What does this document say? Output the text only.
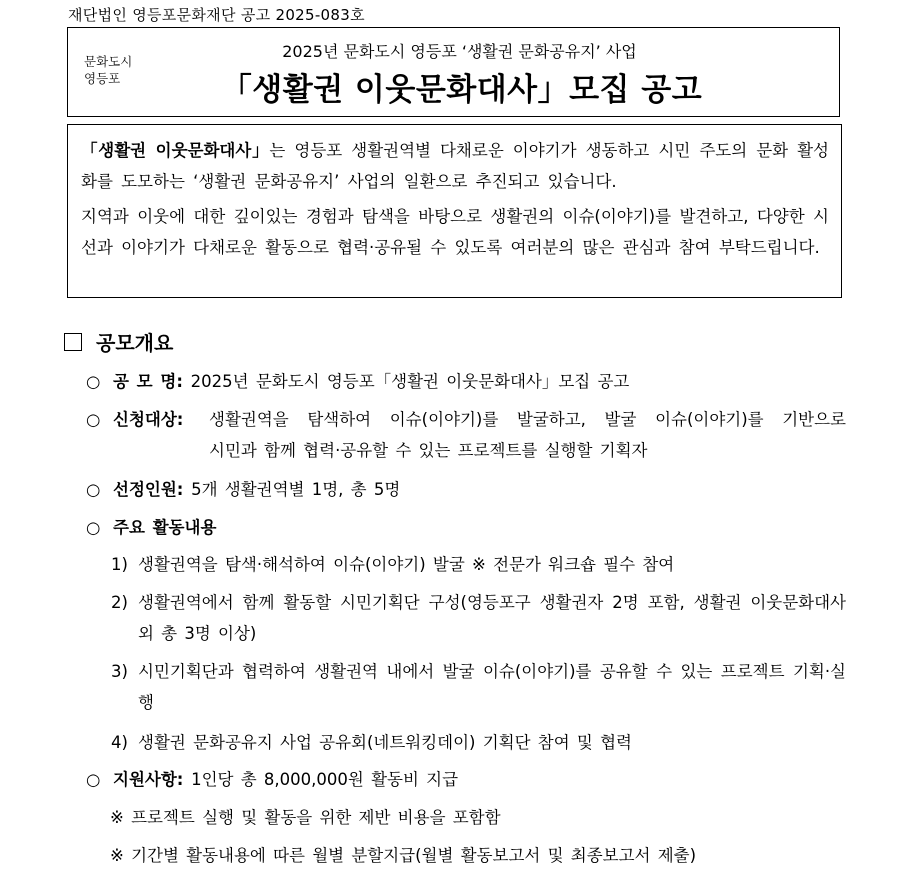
재단법인 영등포문화재단 공고 2025-083호
문화도시
영등포
2025년 문화도시 영등포 ‘생활권 문화공유지’ 사업
「생활권 이웃문화대사」모집 공고

「생활권 이웃문화대사」는 영등포 생활권역별 다채로운 이야기가 생동하고 시민 주도의 문화 활성화를 도모하는 ‘생활권 문화공유지’ 사업의 일환으로 추진되고 있습니다.

지역과 이웃에 대한 깊이있는 경험과 탐색을 바탕으로 생활권의 이슈(이야기)를 발견하고, 다양한 시선과 이야기가 다채로운 활동으로 협력·공유될 수 있도록 여러분의 많은 관심과 참여 부탁드립니다.

공모개요
○ 공 모 명: 2025년 문화도시 영등포「생활권 이웃문화대사」모집 공고
○ 신청대상:	생활권역을 탐색하여 이슈(이야기)를 발굴하고, 발굴 이슈(이야기)를 기반으로
시민과 함께 협력·공유할 수 있는 프로젝트를 실행할 기획자
○ 선정인원: 5개 생활권역별 1명, 총 5명
○ 주요 활동내용
1) 생활권역을 탐색·해석하여 이슈(이야기) 발굴 ※ 전문가 워크숍 필수 참여
2) 생활권역에서 함께 활동할 시민기획단 구성(영등포구 생활권자 2명 포함, 생활권 이웃문화대사 외 총 3명 이상)
3) 시민기획단과 협력하여 생활권역 내에서 발굴 이슈(이야기)를 공유할 수 있는 프로젝트 기획·실행
4) 생활권 문화공유지 사업 공유회(네트워킹데이) 기획단 참여 및 협력
○ 지원사항: 1인당 총 8,000,000원 활동비 지급
※ 프로젝트 실행 및 활동을 위한 제반 비용을 포함함
※ 기간별 활동내용에 따른 월별 분할지급(월별 활동보고서 및 최종보고서 제출)
